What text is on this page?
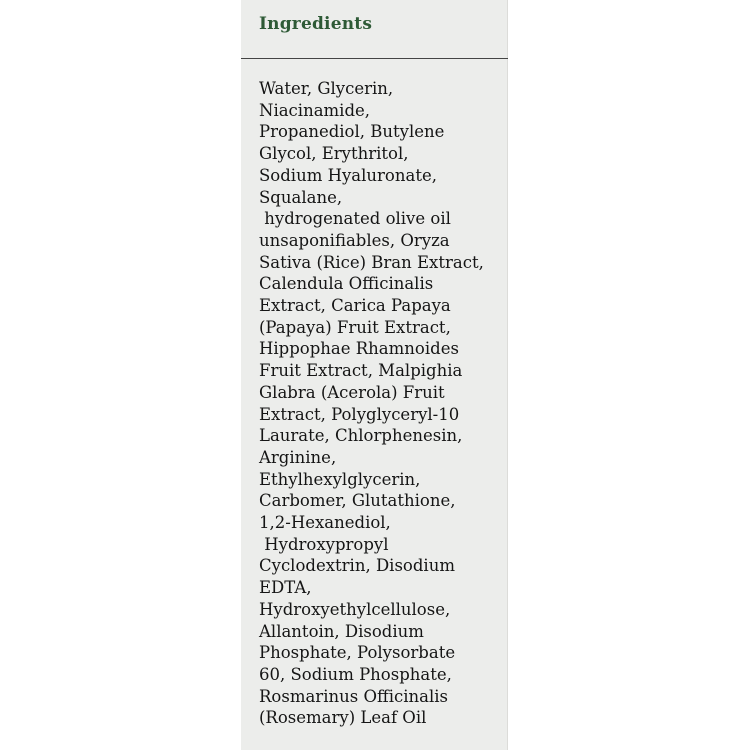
Ingredients

Water, Glycerin,
Niacinamide,
Propanediol, Butylene
Glycol, Erythritol,
Sodium Hyaluronate,
Squalane,
hydrogenated olive oil
unsaponifiables, Oryza
Sativa (Rice) Bran Extract,
Calendula Officinalis
Extract, Carica Papaya
(Papaya) Fruit Extract,
Hippophae Rhamnoides
Fruit Extract, Malpighia
Glabra (Acerola) Fruit
Extract, Polyglyceryl-10
Laurate, Chlorphenesin,
Arginine,
Ethylhexylglycerin,
Carbomer, Glutathione,
1,2-Hexanediol,
Hydroxypropyl
Cyclodextrin, Disodium
EDTA,
Hydroxyethylcellulose,
Allantoin, Disodium
Phosphate, Polysorbate
60, Sodium Phosphate,
Rosmarinus Officinalis
(Rosemary) Leaf Oil
